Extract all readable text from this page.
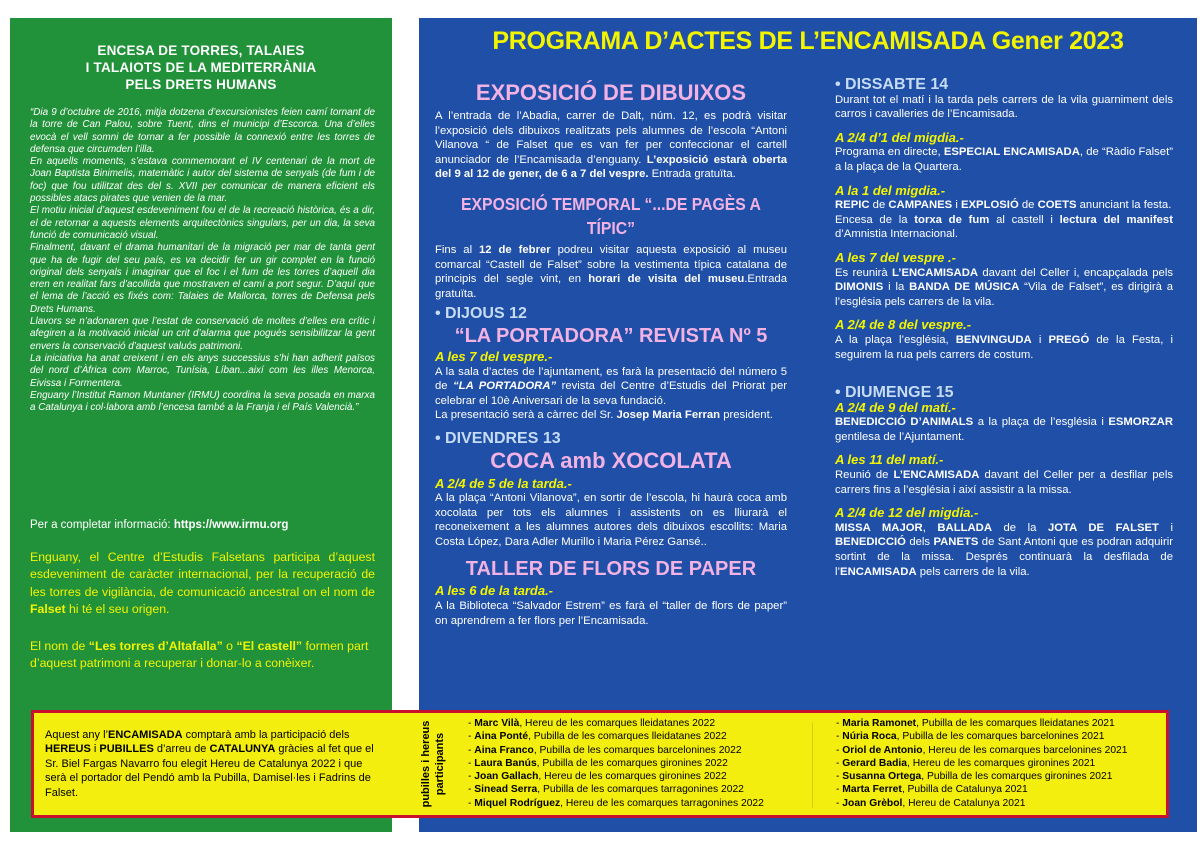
ENCESA DE TORRES, TALAIES
I TALAIOTS DE LA MEDITERRÀNIA
PELS DRETS HUMANS

“Dia 9 d’octubre de 2016, mitja dotzena d’excursionistes feien camí tornant de la torre de Can Palou, sobre Tuent, dins el municipi d’Escorca. Una d’elles evocà el vell somni de tornar a fer possible la connexió entre les torres de defensa que circumden l’illa.

En aquells moments, s’estava commemorant el IV centenari de la mort de Joan Baptista Binimelis, matemàtic i autor del sistema de senyals (de fum i de foc) que fou utilitzat des del s. XVII per comunicar de manera eficient els possibles atacs pirates que venien de la mar.

El motiu inicial d’aquest esdeveniment fou el de la recreació històrica, és a dir, el de retornar a aquests elements arquitectònics singulars, per un dia, la seva funció de comunicació visual.

Finalment, davant el drama humanitari de la migració per mar de tanta gent que ha de fugir del seu país, es va decidir fer un gir complet en la funció original dels senyals i imaginar que el foc i el fum de les torres d’aquell dia eren en realitat fars d’acollida que mostraven el camí a port segur. D’aquí que el lema de l’acció es fixés com: Talaies de Mallorca, torres de Defensa pels Drets Humans.

Llavors se n’adonaren que l’estat de conservació de moltes d’elles era crític i afegiren a la motivació inicial un crit d’alarma que pogués sensibilitzar la gent envers la conservació d’aquest valuós patrimoni.

La iniciativa ha anat creixent i en els anys successius s’hi han adherit països del nord d’Àfrica com Marroc, Tunísia, Líban...així com les illes Menorca, Eivissa i Formentera.

Enguany l’Institut Ramon Muntaner (IRMU) coordina la seva posada en marxa a Catalunya i col·labora amb l’encesa també a la Franja i el País Valencià.”

Per a completar informació: https://www.irmu.org
Enguany, el Centre d’Estudis Falsetans participa d’aquest esdeveniment de caràcter internacional, per la recuperació de les torres de vigilància, de comunicació ancestral on el nom de Falset hi té el seu origen.
El nom de “Les torres d’Altafalla” o “El castell” formen part d’aquest patrimoni a recuperar i donar-lo a conèixer.
PROGRAMA D’ACTES DE L’ENCAMISADA Gener 2023
EXPOSICIÓ DE DIBUIXOS

A l’entrada de l’Abadia, carrer de Dalt, núm. 12, es podrà visitar l’exposició dels dibuixos realitzats pels alumnes de l’escola “Antoni Vilanova “ de Falset que es van fer per confeccionar el cartell anunciador de l’Encamisada d’enguany. L’exposició estarà oberta del 9 al 12 de gener, de 6 a 7 del vespre. Entrada gratuïta.

EXPOSICIÓ TEMPORAL “...DE PAGÈS A TÍPIC”

Fins al 12 de febrer podreu visitar aquesta exposició al museu comarcal “Castell de Falset” sobre la vestimenta típica catalana de principis del segle vint, en horari de visita del museu.Entrada gratuïta.

• DIJOUS 12
“LA PORTADORA” REVISTA Nº 5
A les 7 del vespre.-

A la sala d’actes de l’ajuntament, es farà la presentació del número 5 de “LA PORTADORA” revista del Centre d’Estudis del Priorat per celebrar el 10è Aniversari de la seva fundació.

La presentació serà a càrrec del Sr. Josep Maria Ferran president.

• DIVENDRES 13
COCA amb XOCOLATA
A 2/4 de 5 de la tarda.-

A la plaça “Antoni Vilanova”, en sortir de l’escola, hi haurà coca amb xocolata per tots els alumnes i assistents on es lliurarà el reconeixement a les alumnes autores dels dibuixos escollits: Maria Costa López, Dara Adler Murillo i Maria Pérez Gansé..

TALLER DE FLORS DE PAPER
A les 6 de la tarda.-

A la Biblioteca “Salvador Estrem” es farà el “taller de flors de paper” on aprendrem a fer flors per l’Encamisada.

• DISSABTE 14

Durant tot el matí i la tarda pels carrers de la vila guarniment dels carros i cavalleries de l’Encamisada.

A 2/4 d’1 del migdia.-

Programa en directe, ESPECIAL ENCAMISADA, de “Ràdio Falset” a la plaça de la Quartera.

A la 1 del migdia.-

REPIC de CAMPANES i EXPLOSIÓ de COETS anunciant la festa.

Encesa de la torxa de fum al castell i lectura del manifest d’Amnistia Internacional.

A les 7 del vespre .-

Es reunirà L’ENCAMISADA davant del Celler i, encapçalada pels DIMONIS i la BANDA DE MÚSICA “Vila de Falset”, es dirigirà a l’església pels carrers de la vila.

A 2/4 de 8 del vespre.-

A la plaça l’església, BENVINGUDA i PREGÓ de la Festa, i seguirem la rua pels carrers de costum.

• DIUMENGE 15
A 2/4 de 9 del matí.-

BENEDICCIÓ D’ANIMALS a la plaça de l’església i ESMORZAR gentilesa de l’Ajuntament.

A les 11 del matí.-

Reunió de L’ENCAMISADA davant del Celler per a desfilar pels carrers fins a l’església i així assistir a la missa.

A 2/4 de 12 del migdia.-

MISSA MAJOR, BALLADA de la JOTA DE FALSET i BENEDICCIÓ dels PANETS de Sant Antoni que es podran adquirir sortint de la missa. Després continuarà la desfilada de l’ENCAMISADA pels carrers de la vila.

Aquest any l’ENCAMISADA comptarà amb la participació dels HEREUS i PUBILLES d’arreu de CATALUNYA gràcies al fet que el Sr. Biel Fargas Navarro fou elegit Hereu de Catalunya 2022 i que serà el portador del Pendó amb la Pubilla, Damisel·les i Fadrins de Falset.	pubilles i hereus participants
- Marc Vilà, Hereu de les comarques lleidatanes 2022
- Aina Ponté, Pubilla de les comarques lleidatanes 2022
- Aina Franco, Pubilla de les comarques barcelonines 2022
- Laura Banús, Pubilla de les comarques gironines 2022
- Joan Gallach, Hereu de les comarques gironines 2022
- Sinead Serra, Pubilla de les comarques tarragonines 2022
- Miquel Rodríguez, Hereu de les comarques tarragonines 2022
- Maria Ramonet, Pubilla de les comarques lleidatanes 2021
- Núria Roca, Pubilla de les comarques barcelonines 2021
- Oriol de Antonio, Hereu de les comarques barcelonines 2021
- Gerard Badia, Hereu de les comarques gironines 2021
- Susanna Ortega, Pubilla de les comarques gironines 2021
- Marta Ferret, Pubilla de Catalunya 2021
- Joan Grèbol, Hereu de Catalunya 2021
